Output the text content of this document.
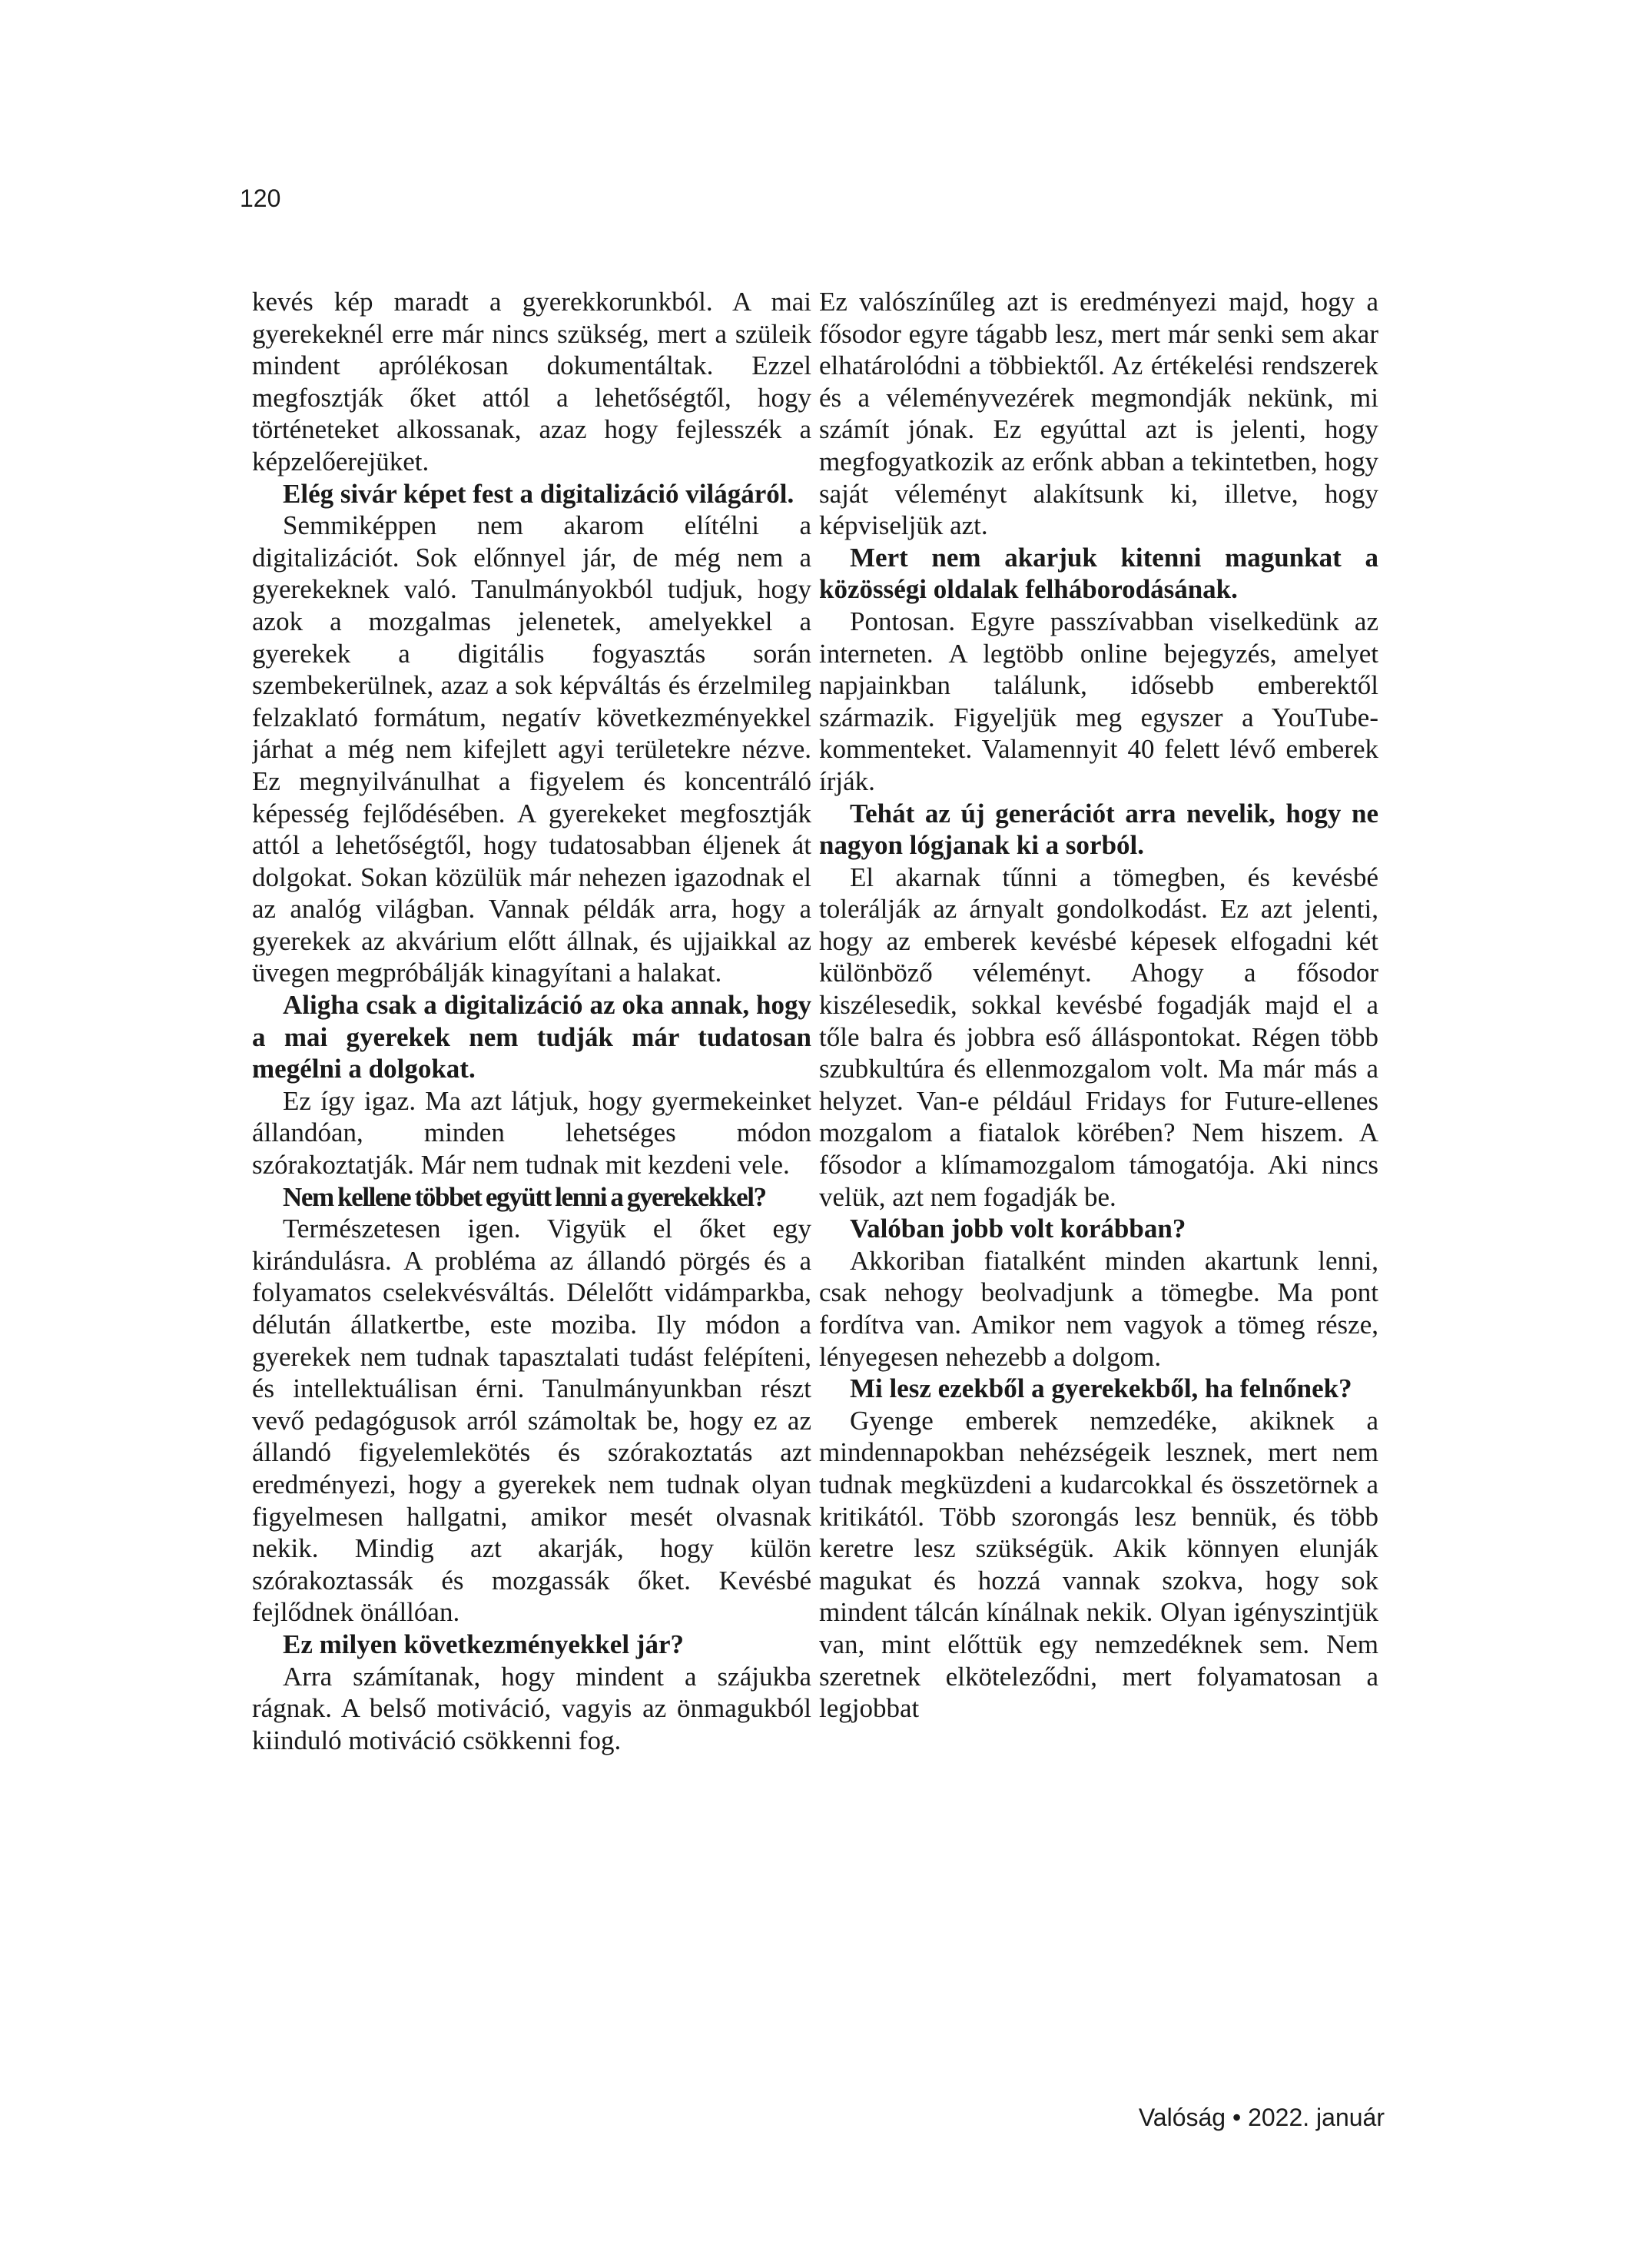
120

kevés kép maradt a gyerekkorunkból. A mai gyerekeknél erre már nincs szükség, mert a szüleik mindent aprólékosan dokumentáltak. Ezzel megfosztják őket attól a lehetőségtől, hogy történeteket alkossanak, azaz hogy fejlesszék a képzelőerejüket.

Elég sivár képet fest a digitalizáció világáról.

Semmiképpen nem akarom elítélni a digitalizációt. Sok előnnyel jár, de még nem a gyerekeknek való. Tanulmányokból tudjuk, hogy azok a mozgalmas jelenetek, amelyekkel a gyerekek a digitális fogyasztás során szembekerülnek, azaz a sok képváltás és érzelmileg felzaklató formátum, negatív következményekkel járhat a még nem kifejlett agyi területekre nézve. Ez megnyilvánulhat a figyelem és koncentráló képesség fejlődésében. A gyerekeket megfosztják attól a lehetőségtől, hogy tudatosabban éljenek át dolgokat. Sokan közülük már nehezen igazodnak el az analóg világban. Vannak példák arra, hogy a gyerekek az akvárium előtt állnak, és ujjaikkal az üvegen megpróbálják kinagyítani a halakat.

Aligha csak a digitalizáció az oka annak, hogy a mai gyerekek nem tudják már tudatosan megélni a dolgokat.

Ez így igaz. Ma azt látjuk, hogy gyermekeinket állandóan, minden lehetséges módon szórakoztatják. Már nem tudnak mit kezdeni vele.

Nem kellene többet együtt lenni a gyerekekkel?

Természetesen igen. Vigyük el őket egy kirándulásra. A probléma az állandó pörgés és a folyamatos cselekvésváltás. Délelőtt vidámparkba, délután állatkertbe, este moziba. Ily módon a gyerekek nem tudnak tapasztalati tudást felépíteni, és intellektuálisan érni. Tanulmányunkban részt vevő pedagógusok arról számoltak be, hogy ez az állandó figyelemlekötés és szórakoztatás azt eredményezi, hogy a gyerekek nem tudnak olyan figyelmesen hallgatni, amikor mesét olvasnak nekik. Mindig azt akarják, hogy külön szórakoztassák és mozgassák őket. Kevésbé fejlődnek önállóan.

Ez milyen következményekkel jár?

Arra számítanak, hogy mindent a szájukba rágnak. A belső motiváció, vagyis az önmagukból kiinduló motiváció csökkenni fog.

Ez valószínűleg azt is eredményezi majd, hogy a fősodor egyre tágabb lesz, mert már senki sem akar elhatárolódni a többiektől. Az értékelési rendszerek és a véleményvezérek megmondják nekünk, mi számít jónak. Ez egyúttal azt is jelenti, hogy megfogyatkozik az erőnk abban a tekintetben, hogy saját véleményt alakítsunk ki, illetve, hogy képviseljük azt.

Mert nem akarjuk kitenni magunkat a közösségi oldalak felháborodásának.

Pontosan. Egyre passzívabban viselkedünk az interneten. A legtöbb online bejegyzés, amelyet napjainkban találunk, idősebb emberektől származik. Figyeljük meg egyszer a YouTube-kommenteket. Valamennyit 40 felett lévő emberek írják.

Tehát az új generációt arra nevelik, hogy ne nagyon lógjanak ki a sorból.

El akarnak tűnni a tömegben, és kevésbé tolerálják az árnyalt gondolkodást. Ez azt jelenti, hogy az emberek kevésbé képesek elfogadni két különböző véleményt. Ahogy a fősodor kiszélesedik, sokkal kevésbé fogadják majd el a tőle balra és jobbra eső álláspontokat. Régen több szubkultúra és ellenmozgalom volt. Ma már más a helyzet. Van-e például Fridays for Future-ellenes mozgalom a fiatalok körében? Nem hiszem. A fősodor a klímamozgalom támogatója. Aki nincs velük, azt nem fogadják be.

Valóban jobb volt korábban?

Akkoriban fiatalként minden akartunk lenni, csak nehogy beolvadjunk a tömegbe. Ma pont fordítva van. Amikor nem vagyok a tömeg része, lényegesen nehezebb a dolgom.

Mi lesz ezekből a gyerekekből, ha felnőnek?

Gyenge emberek nemzedéke, akiknek a mindennapokban nehézségeik lesznek, mert nem tudnak megküzdeni a kudarcokkal és összetörnek a kritikától. Több szorongás lesz bennük, és több keretre lesz szükségük. Akik könnyen elunják magukat és hozzá vannak szokva, hogy sok mindent tálcán kínálnak nekik. Olyan igényszintjük van, mint előttük egy nemzedéknek sem. Nem szeretnek elköteleződni, mert folyamatosan a legjobbat

Valóság • 2022. január
